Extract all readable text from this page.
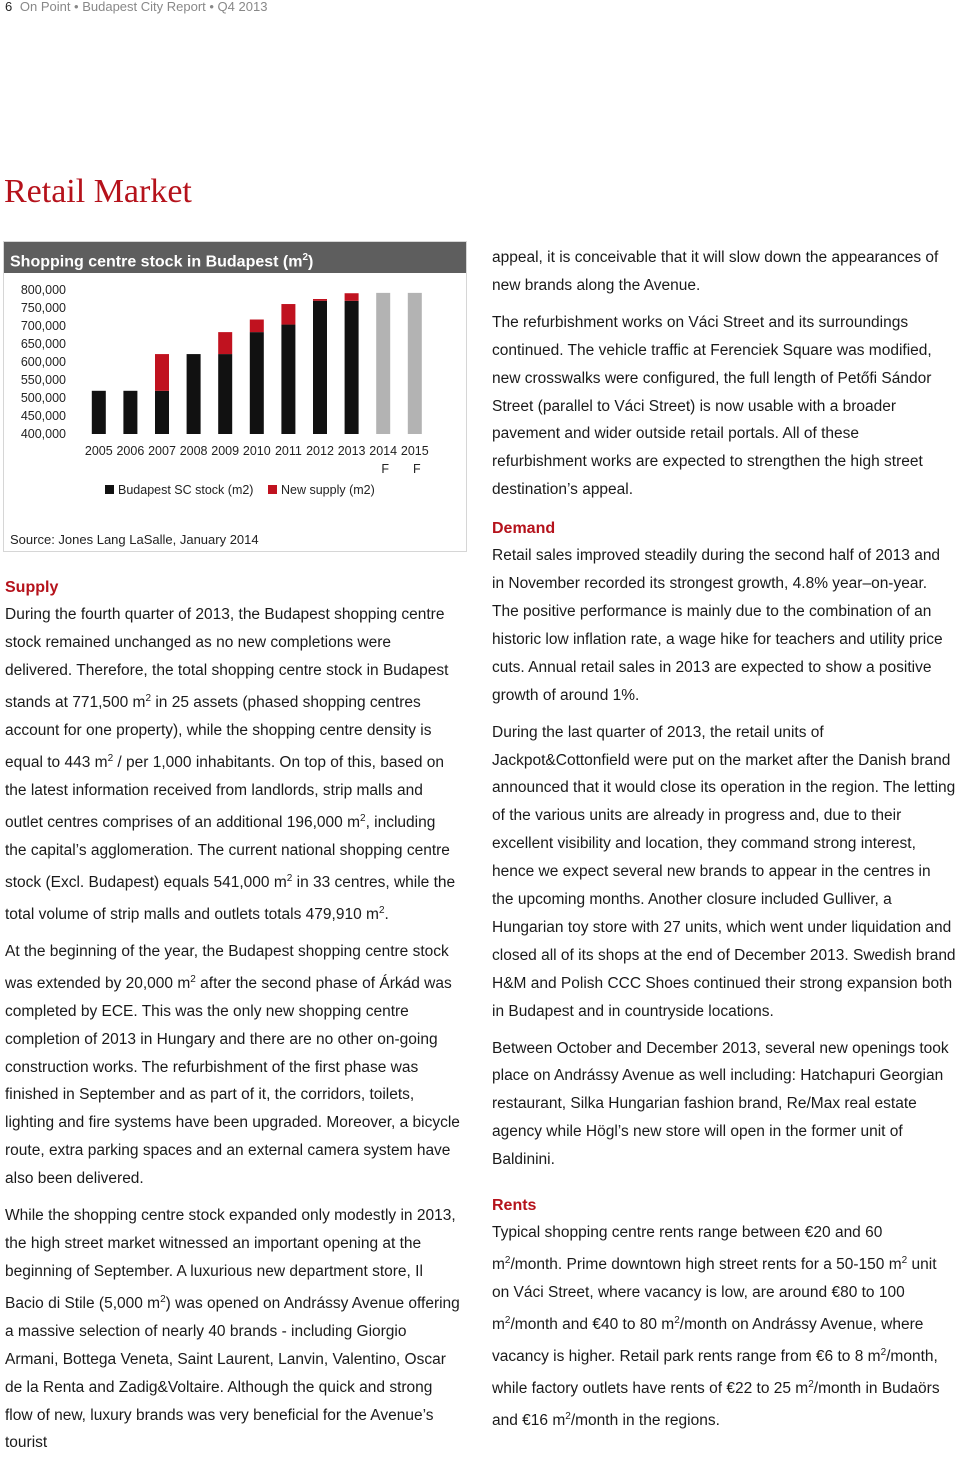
6 On Point • Budapest City Report • Q4 2013
Retail Market
Shopping centre stock in Budapest $(m^2)$
800,000
750,000
700,000
650,000
600,000
550,000
500,000
450,000
400,000
2005 2006 2007 2008 2009 2010 2011 2012 2013 2014
F
2015
F
Budapest SC stock (m2) New supply (m2)
Source: Jones Lang LaSalle, January 2014
Supply

During the fourth quarter of 2013, the Budapest shopping centre stock remained unchanged as no new completions were delivered. Therefore, the total shopping centre stock in Budapest stands at 771,500 $m^2$ in 25 assets (phased shopping centres account for one property), while the shopping centre density is equal to 443 $m^2$ / per 1,000 inhabitants. On top of this, based on the latest information received from landlords, strip malls and outlet centres comprises of an additional 196,000 $m^2$, including the capital’s agglomeration. The current national shopping centre stock (Excl. Budapest) equals 541,000 $m^2$ in 33 centres, while the total volume of strip malls and outlets totals 479,910 $m^2$.

At the beginning of the year, the Budapest shopping centre stock was extended by 20,000 $m^2$ after the second phase of Árkád was completed by ECE. This was the only new shopping centre completion of 2013 in Hungary and there are no other on-going construction works. The refurbishment of the first phase was finished in September and as part of it, the corridors, toilets, lighting and fire systems have been upgraded. Moreover, a bicycle route, extra parking spaces and an external camera system have also been delivered.

While the shopping centre stock expanded only modestly in 2013, the high street market witnessed an important opening at the beginning of September. A luxurious new department store, Il Bacio di Stile (5,000 $m^2$) was opened on Andrássy Avenue offering a massive selection of nearly 40 brands - including Giorgio Armani, Bottega Veneta, Saint Laurent, Lanvin, Valentino, Oscar de la Renta and Zadig&Voltaire. Although the quick and strong flow of new, luxury brands was very beneficial for the Avenue’s tourist

appeal, it is conceivable that it will slow down the appearances of new brands along the Avenue.

The refurbishment works on Váci Street and its surroundings continued. The vehicle traffic at Ferenciek Square was modified, new crosswalks were configured, the full length of Petőfi Sándor Street (parallel to Váci Street) is now usable with a broader pavement and wider outside retail portals. All of these refurbishment works are expected to strengthen the high street destination’s appeal.

Demand

Retail sales improved steadily during the second half of 2013 and in November recorded its strongest growth, 4.8% year–on-year. The positive performance is mainly due to the combination of an historic low inflation rate, a wage hike for teachers and utility price cuts. Annual retail sales in 2013 are expected to show a positive growth of around 1%.

During the last quarter of 2013, the retail units of Jackpot&Cottonfield were put on the market after the Danish brand announced that it would close its operation in the region. The letting of the various units are already in progress and, due to their excellent visibility and location, they command strong interest, hence we expect several new brands to appear in the centres in the upcoming months. Another closure included Gulliver, a Hungarian toy store with 27 units, which went under liquidation and closed all of its shops at the end of December 2013. Swedish brand H&M and Polish CCC Shoes continued their strong expansion both in Budapest and in countryside locations.

Between October and December 2013, several new openings took place on Andrássy Avenue as well including: Hatchapuri Georgian restaurant, Silka Hungarian fashion brand, Re/Max real estate agency while Högl’s new store will open in the former unit of Baldinini.

Rents

Typical shopping centre rents range between €20 and 60 $m^2$/month. Prime downtown high street rents for a 50-150 $m^2$ unit on Váci Street, where vacancy is low, are around €80 to 100 $m^2$/month and €40 to 80 $m^2$/month on Andrássy Avenue, where vacancy is higher. Retail park rents range from €6 to 8 $m^2$/month, while factory outlets have rents of €22 to 25 $m^2$/month in Budaörs and €16 $m^2$/month in the regions.
